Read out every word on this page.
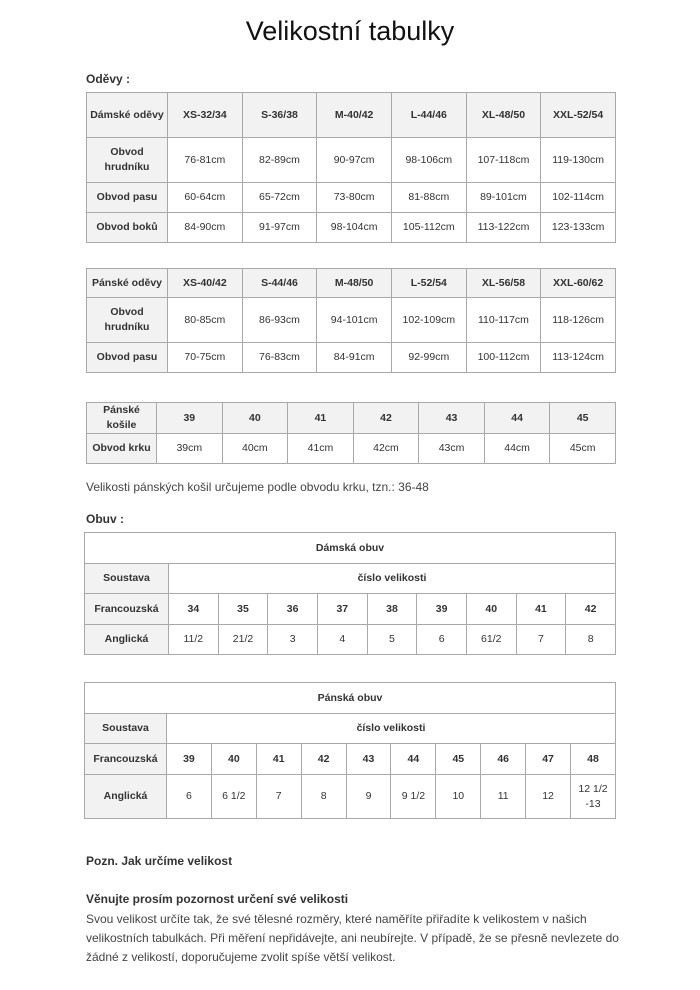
Velikostní tabulky
Oděvy :
Dámské oděvy	XS-32/34	S-36/38	M-40/42	L-44/46	XL-48/50	XXL-52/54
Obvod hrudníku	76-81cm	82-89cm	90-97cm	98-106cm	107-118cm	119-130cm
Obvod pasu	60-64cm	65-72cm	73-80cm	81-88cm	89-101cm	102-114cm
Obvod boků	84-90cm	91-97cm	98-104cm	105-112cm	113-122cm	123-133cm
Pánské oděvy	XS-40/42	S-44/46	M-48/50	L-52/54	XL-56/58	XXL-60/62
Obvod hrudníku	80-85cm	86-93cm	94-101cm	102-109cm	110-117cm	118-126cm
Obvod pasu	70-75cm	76-83cm	84-91cm	92-99cm	100-112cm	113-124cm
Pánské košile	39	40	41	42	43	44	45
Obvod krku	39cm	40cm	41cm	42cm	43cm	44cm	45cm
Velikosti pánských košil určujeme podle obvodu krku, tzn.: 36-48
Obuv :
Dámská obuv									
Soustava	číslo velikosti								
Francouzská	34	35	36	37	38	39	40	41	42
Anglická	11/2	21/2	3	4	5	6	61/2	7	8
Pánská obuv										
Soustava	číslo velikosti									
Francouzská	39	40	41	42	43	44	45	46	47	48
Anglická	6	6 1/2	7	8	9	9 1/2	10	11	12	12 1/2 -13
Pozn. Jak určíme velikost
Věnujte prosím pozornost určení své velikosti
Svou velikost určíte tak, že své tělesné rozměry, které naměříte přiřadíte k velikostem v našich velikostních tabulkách. Při měření nepřidávejte, ani neubírejte. V případě, že se přesně nevlezete do žádné z velikostí, doporučujeme zvolit spíše větší velikost.
